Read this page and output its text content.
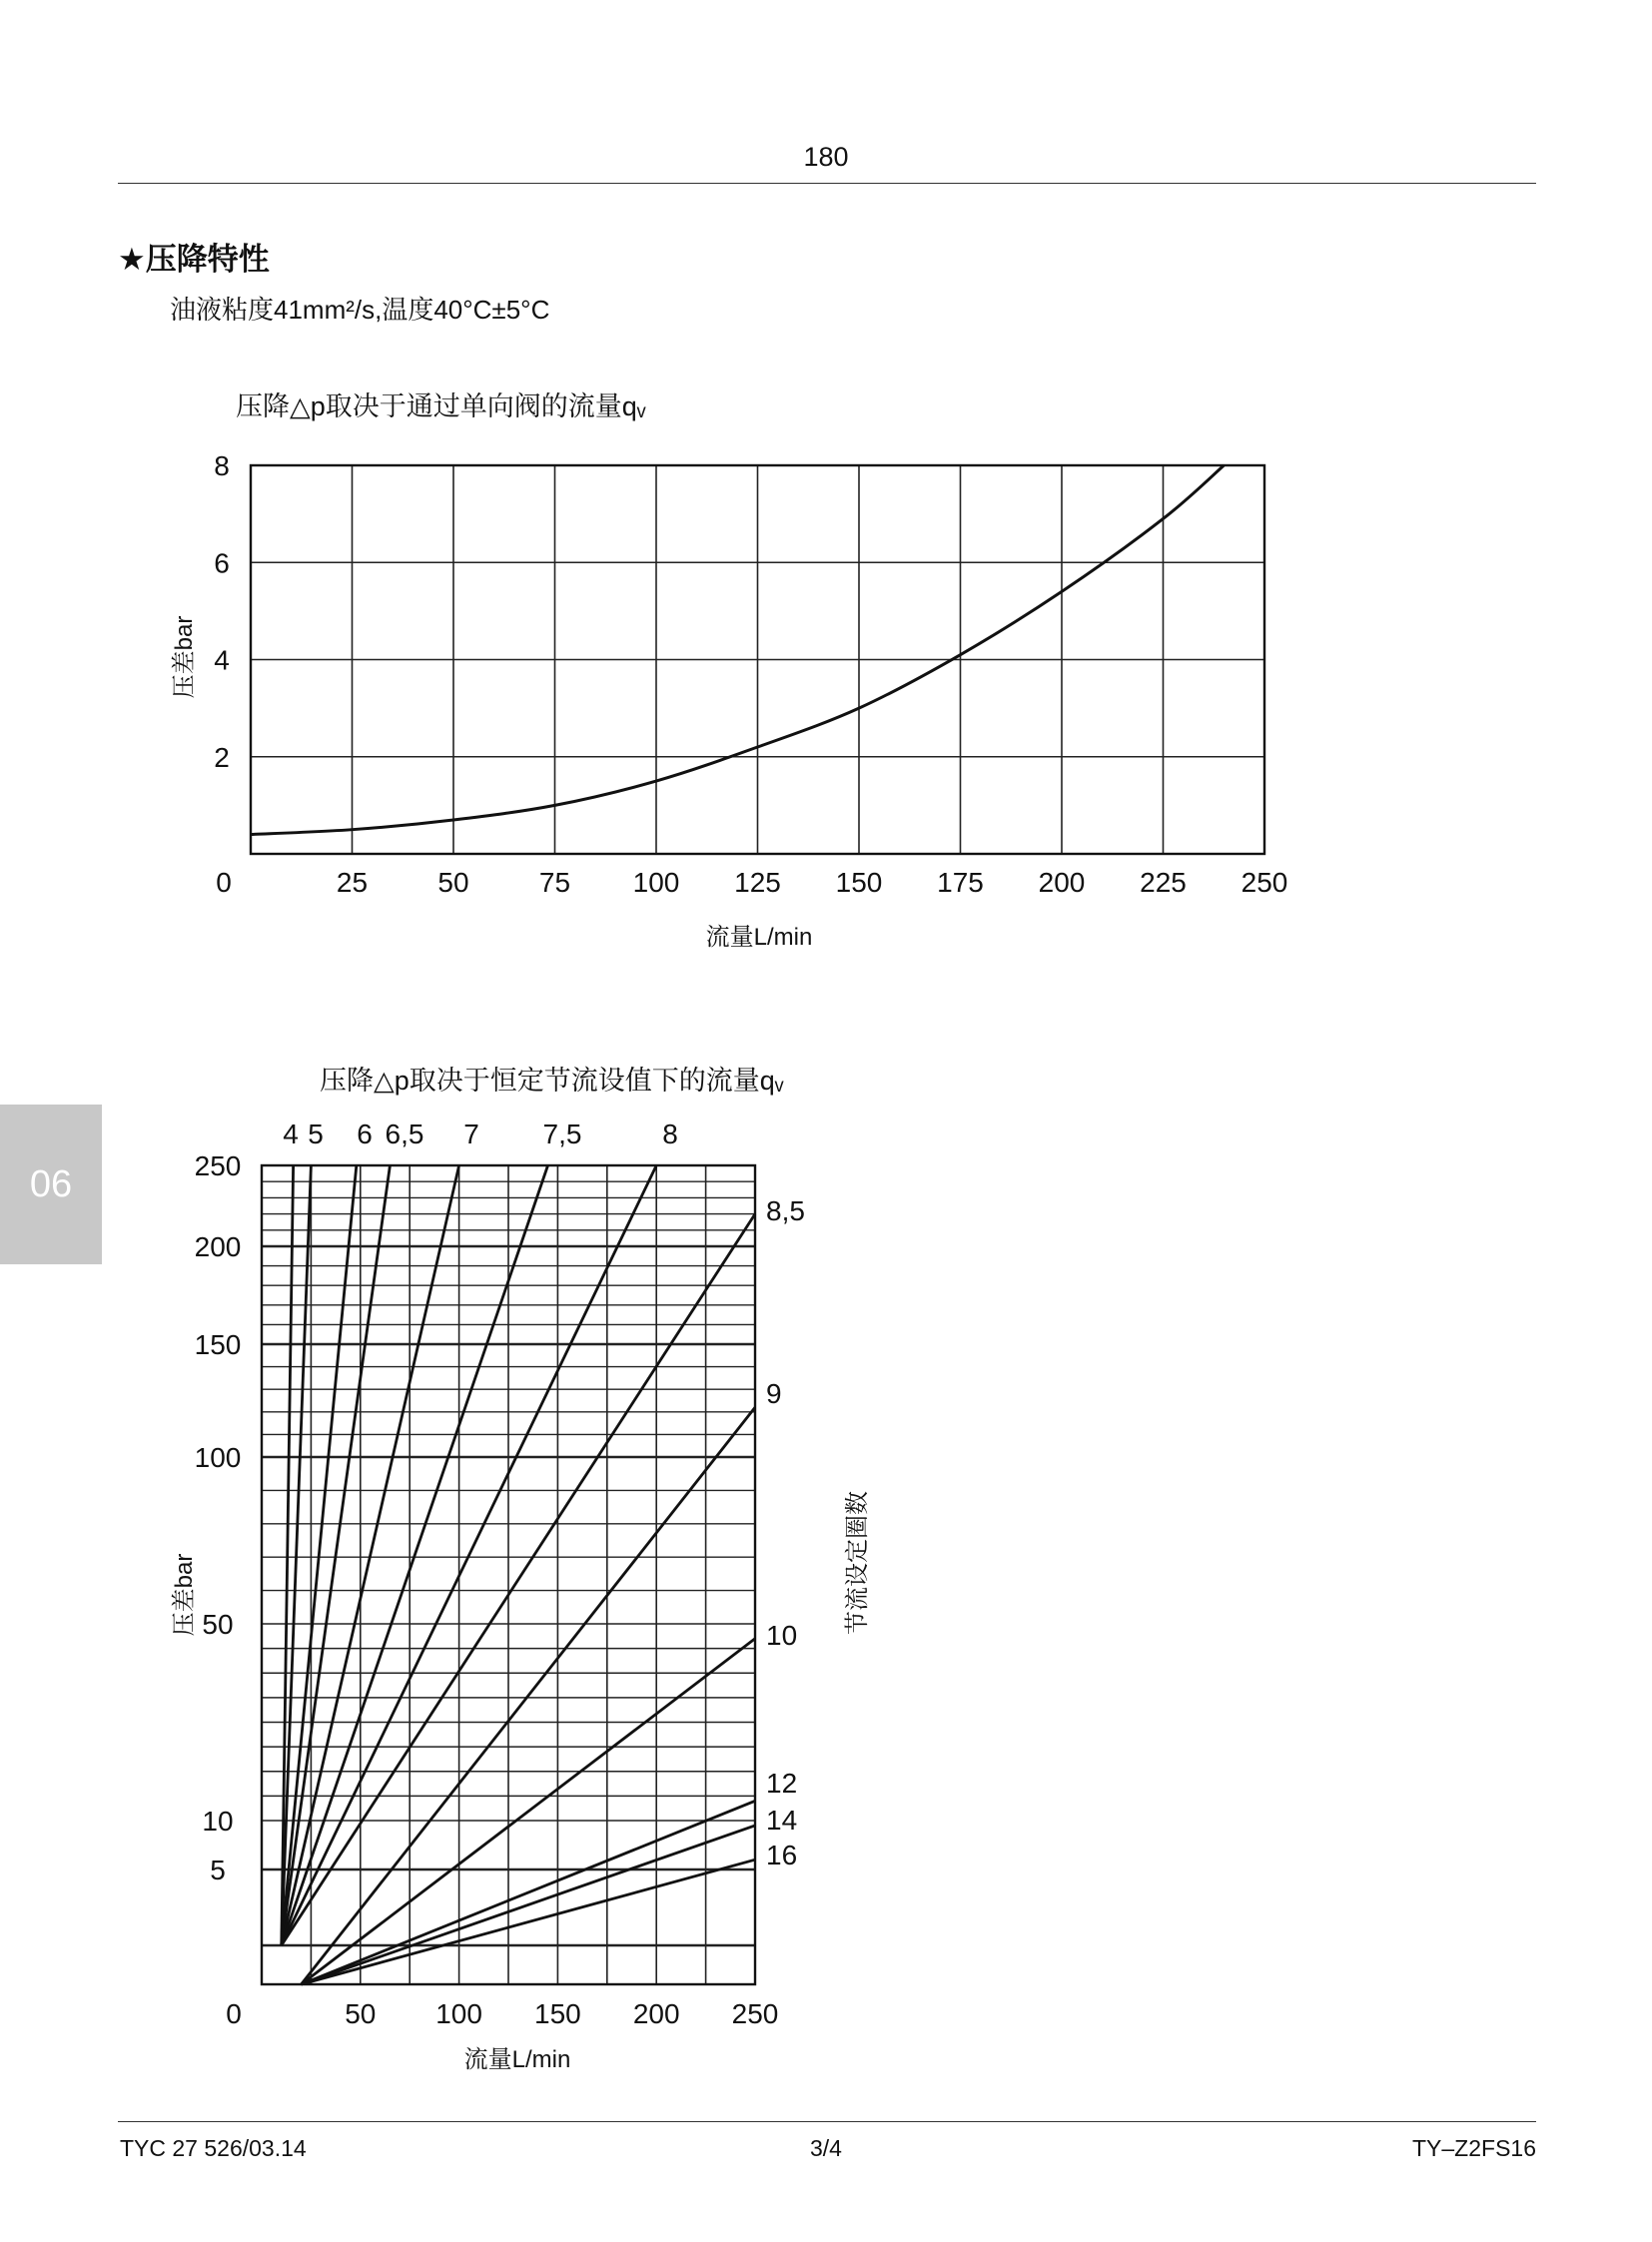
180
★压降特性
油液粘度41mm²/s,温度40°C±5°C
06
压降△p取决于通过单向阀的流量qᵥ
0	25	50	75 100 125 150 175 200 225 250
8
6
4
2
压差bar
流量L/min
压降△p取决于恒定节流设值下的流量qᵥ
0	50 100 150 200 250
250
200
150
100
50
10
5
压差bar	节流设定圈数
流量L/min
4 5 6 6,5 7 7,5	8
8,5
9
10
12
14
16
TYC 27 526/03.14	3/4	TY–Z2FS16
